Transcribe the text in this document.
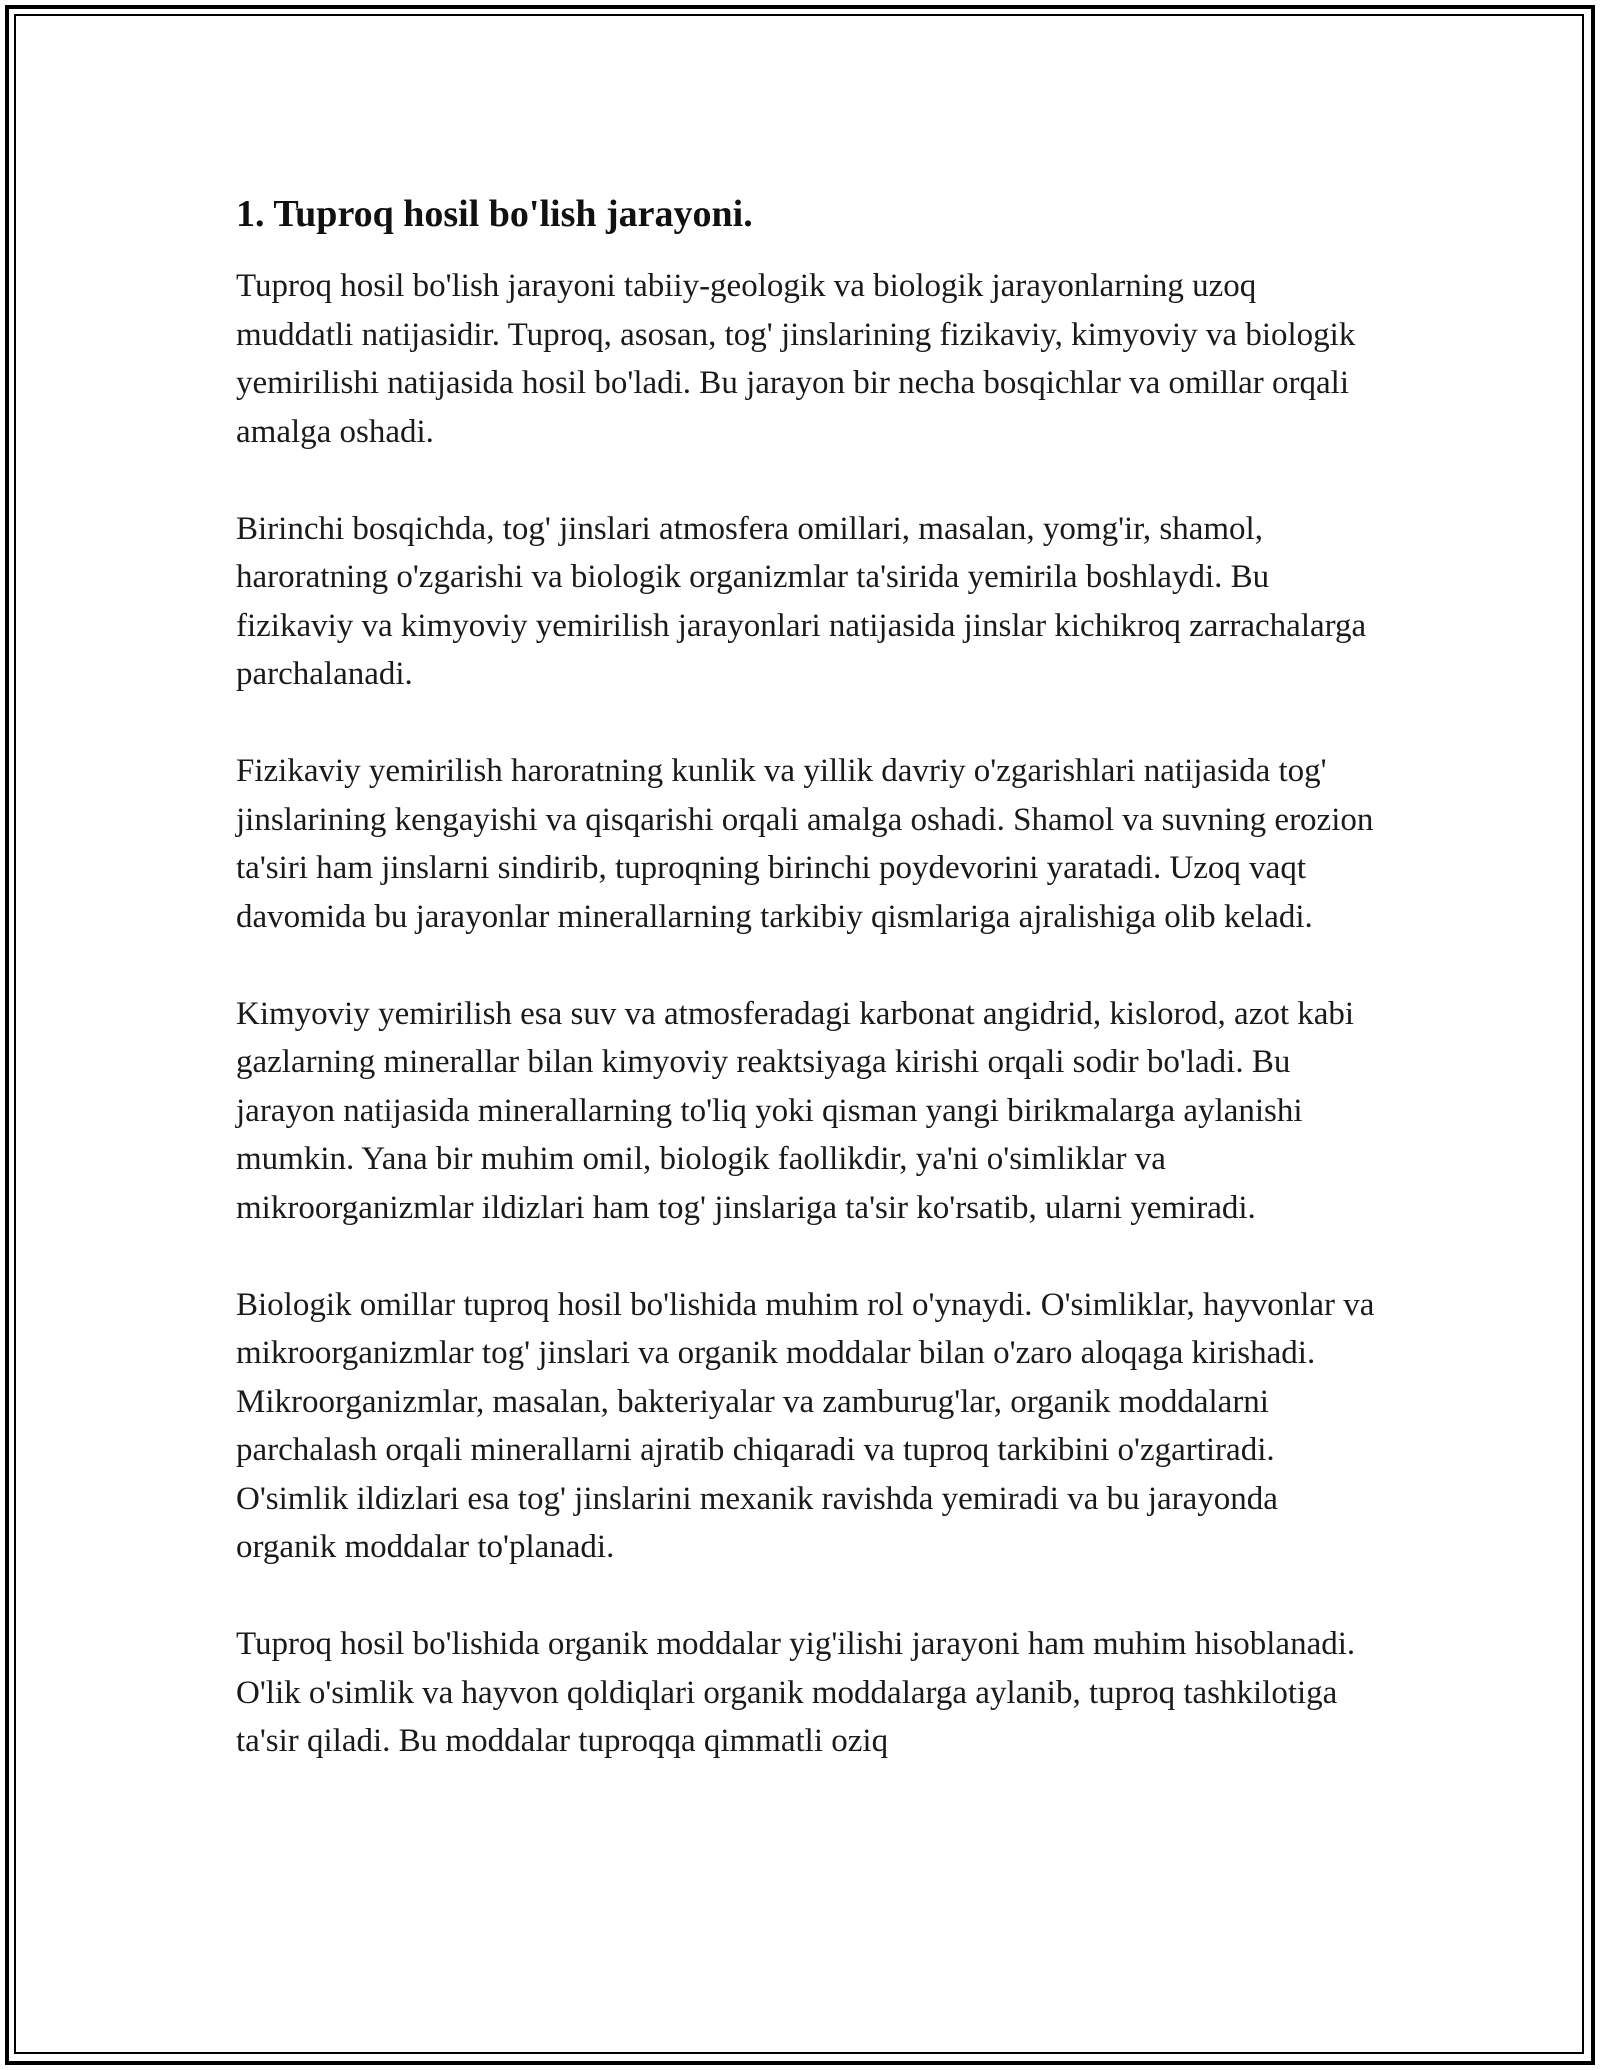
1. Tuproq hosil bo'lish jarayoni.

Tuproq hosil bo'lish jarayoni tabiiy-geologik va biologik jarayonlarning uzoq muddatli natijasidir. Tuproq, asosan, tog' jinslarining fizikaviy, kimyoviy va biologik yemirilishi natijasida hosil bo'ladi. Bu jarayon bir necha bosqichlar va omillar orqali amalga oshadi.

Birinchi bosqichda, tog' jinslari atmosfera omillari, masalan, yomg'ir, shamol, haroratning o'zgarishi va biologik organizmlar ta'sirida yemirila boshlaydi. Bu fizikaviy va kimyoviy yemirilish jarayonlari natijasida jinslar kichikroq zarrachalarga parchalanadi.

Fizikaviy yemirilish haroratning kunlik va yillik davriy o'zgarishlari natijasida tog' jinslarining kengayishi va qisqarishi orqali amalga oshadi. Shamol va suvning erozion ta'siri ham jinslarni sindirib, tuproqning birinchi poydevorini yaratadi. Uzoq vaqt davomida bu jarayonlar minerallarning tarkibiy qismlariga ajralishiga olib keladi.

Kimyoviy yemirilish esa suv va atmosferadagi karbonat angidrid, kislorod, azot kabi gazlarning minerallar bilan kimyoviy reaktsiyaga kirishi orqali sodir bo'ladi. Bu jarayon natijasida minerallarning to'liq yoki qisman yangi birikmalarga aylanishi mumkin. Yana bir muhim omil, biologik faollikdir, ya'ni o'simliklar va mikroorganizmlar ildizlari ham tog' jinslariga ta'sir ko'rsatib, ularni yemiradi.

Biologik omillar tuproq hosil bo'lishida muhim rol o'ynaydi. O'simliklar, hayvonlar va mikroorganizmlar tog' jinslari va organik moddalar bilan o'zaro aloqaga kirishadi. Mikroorganizmlar, masalan, bakteriyalar va zamburug'lar, organik moddalarni parchalash orqali minerallarni ajratib chiqaradi va tuproq tarkibini o'zgartiradi. O'simlik ildizlari esa tog' jinslarini mexanik ravishda yemiradi va bu jarayonda organik moddalar to'planadi.

Tuproq hosil bo'lishida organik moddalar yig'ilishi jarayoni ham muhim hisoblanadi. O'lik o'simlik va hayvon qoldiqlari organik moddalarga aylanib, tuproq tashkilotiga ta'sir qiladi. Bu moddalar tuproqqa qimmatli oziq
